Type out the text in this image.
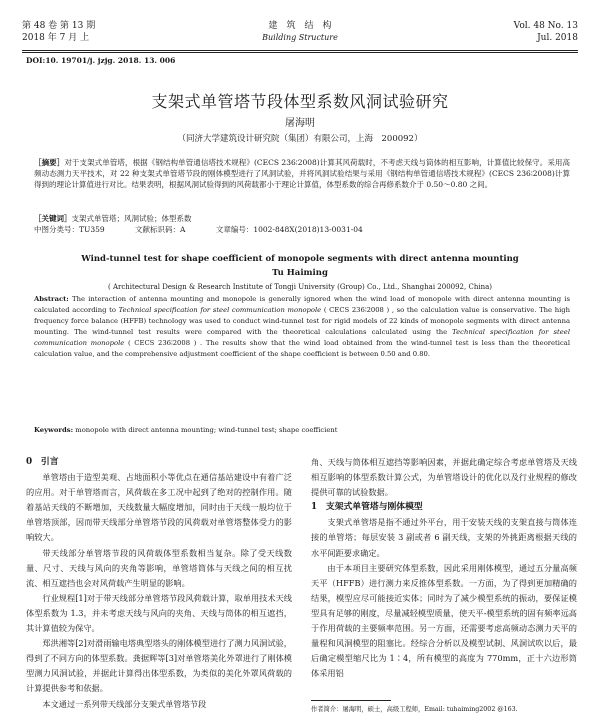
第 48 卷 第 13 期
2018 年 7 月 上
建　筑　结　构
Building Structure
Vol. 48 No. 13
Jul. 2018
DOI:10. 19701/j. jzjg. 2018. 13. 006
支架式单管塔节段体型系数风洞试验研究
屠海明
（同济大学建筑设计研究院（集团）有限公司，上海　200092）
［摘要］对于支架式单管塔，根据《钢结构单管通信塔技术规程》(CECS 236∶2008)计算其风荷载时，不考虑天线与筒体的相互影响，计算值比较保守。采用高频动态测力天平技术，对 22 种支架式单管塔节段的刚体模型进行了风洞试验，并将风洞试验结果与采用《钢结构单管通信塔技术规程》(CECS 236∶2008)计算得到的理论计算值进行对比。结果表明，根据风洞试验得到的风荷载都小于理论计算值，体型系数的综合再修系数介于 0.50～0.80 之间。
［关键词］支架式单管塔；风洞试验；体型系数
中图分类号：TU359	文献标识码：A	文章编号：1002-848X(2018)13-0031-04
Wind-tunnel test for shape coefficient of monopole segments with direct antenna mounting
Tu Haiming
( Architectural Design & Research Institute of Tongji University (Group) Co., Ltd., Shanghai 200092, China)
Abstract: The interaction of antenna mounting and monopole is generally ignored when the wind load of monopole with direct antenna mounting is calculated according to Technical specification for steel communication monopole ( CECS 236∶2008 ) , so the calculation value is conservative. The high frequency force balance (HFFB) technology was used to conduct wind-tunnel test for rigid models of 22 kinds of monopole segments with direct antenna mounting. The wind-tunnel test results were compared with the theoretical calculations calculated using the Technical specification for steel communication monopole ( CECS 236∶2008 ) . The results show that the wind load obtained from the wind-tunnel test is less than the theoretical calculation value, and the comprehensive adjustment coefficient of the shape coefficient is between 0.50 and 0.80.
Keywords: monopole with direct antenna mounting; wind-tunnel test; shape coefficient
0　引言

单管塔由于造型美观、占地面积小等优点在通信基站建设中有着广泛的应用。对于单管塔而言，风荷载在多工况中起到了绝对的控制作用。随着基站天线的不断增加，天线数量大幅度增加，同时由于天线一般均位于单管塔顶部，因而带天线部分单管塔节段的风荷载对单管塔整体受力的影响较大。

带天线部分单管塔节段的风荷载体型系数相当复杂。除了受天线数量、尺寸、天线与风向的夹角等影响，单管塔筒体与天线之间的相互扰流、相互遮挡也会对风荷载产生明显的影响。

行业规程[1]对于带天线部分单管塔节段风荷载计算，取单用技术天线体型系数为 1.3，并未考虑天线与风向的夹角、天线与筒体的相互遮挡，其计算值较为保守。

郑洪湘等[2]对滑雨输电塔典型塔头的刚体模型进行了测力风洞试验，得到了不同方向的体型系数。龚据辉等[3]对单管塔美化外罩进行了刚体模型测力风洞试验，并据此计算得出体型系数，为类似的美化外罩风荷载的计算提供参考和依据。

本文通过一系列带天线部分支架式单管塔节段

角、天线与筒体相互遮挡等影响因素，并据此确定综合考虑单管塔及天线相互影响的体型系数计算公式，为单管塔设计的优化以及行业规程的修改提供可靠的试验数据。

1　支架式单管塔与刚体模型

支架式单管塔是指不通过外平台，用于安装天线的支架直接与筒体连接的单管塔；每层安装 3 副或者 6 副天线，支架的外挑距离根据天线的水平间距要求确定。

由于本项目主要研究体型系数，因此采用刚体模型，通过五分量高频天平（HFFB）进行测力来反推体型系数。一方面，为了得到更加精确的结果，模型应尽可能接近实体；同时为了减少模型系统的振动，要保证模型具有足够的刚度，尽量减轻模型质量，使天平-模型系统的固有频率远高于作用荷载的主要频率范围。另一方面，还需要考虑高频动态测力天平的量程和风洞模型的阻塞比。经综合分析以及模型试制、风洞试吹以后，最后确定模型缩尺比为 1∶4，所有模型的高度为 770mm，正十六边形筒体采用铝

作者简介：屠海明，硕士，高级工程师，Email: tuhaiming2002 @163.
